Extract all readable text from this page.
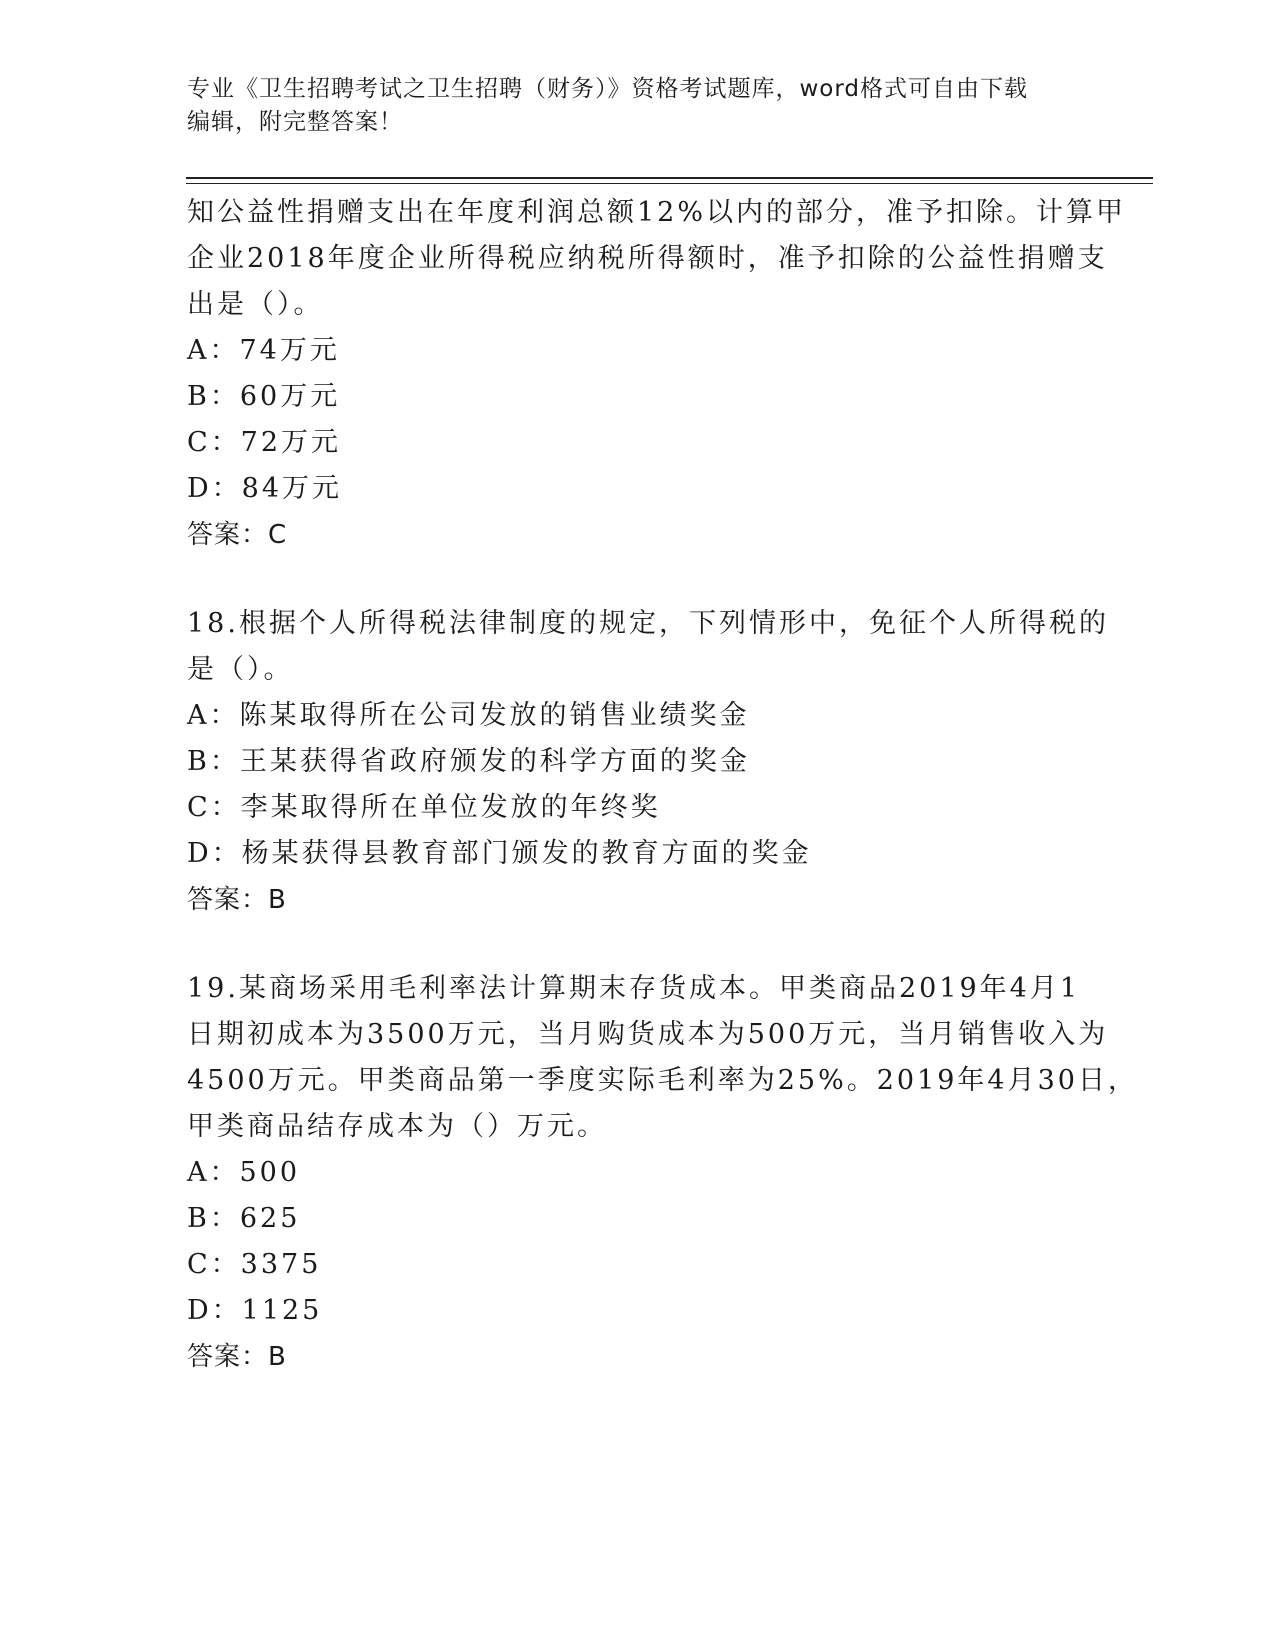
专业《卫生招聘考试之卫生招聘（财务）》资格考试题库，word格式可自由下载
编辑，附完整答案！
知公益性捐赠支出在年度利润总额12%以内的部分，准予扣除。计算甲
企业2018年度企业所得税应纳税所得额时，准予扣除的公益性捐赠支
出是（）。
A：74万元
B：60万元
C：72万元
D：84万元
答案：C
18.根据个人所得税法律制度的规定，下列情形中，免征个人所得税的
是（）。
A：陈某取得所在公司发放的销售业绩奖金
B：王某获得省政府颁发的科学方面的奖金
C：李某取得所在单位发放的年终奖
D：杨某获得县教育部门颁发的教育方面的奖金
答案：B
19.某商场采用毛利率法计算期末存货成本。甲类商品2019年4月1
日期初成本为3500万元，当月购货成本为500万元，当月销售收入为
4500万元。甲类商品第一季度实际毛利率为25%。2019年4月30日，
甲类商品结存成本为（）万元。
A：500
B：625
C：3375
D：1125
答案：B
